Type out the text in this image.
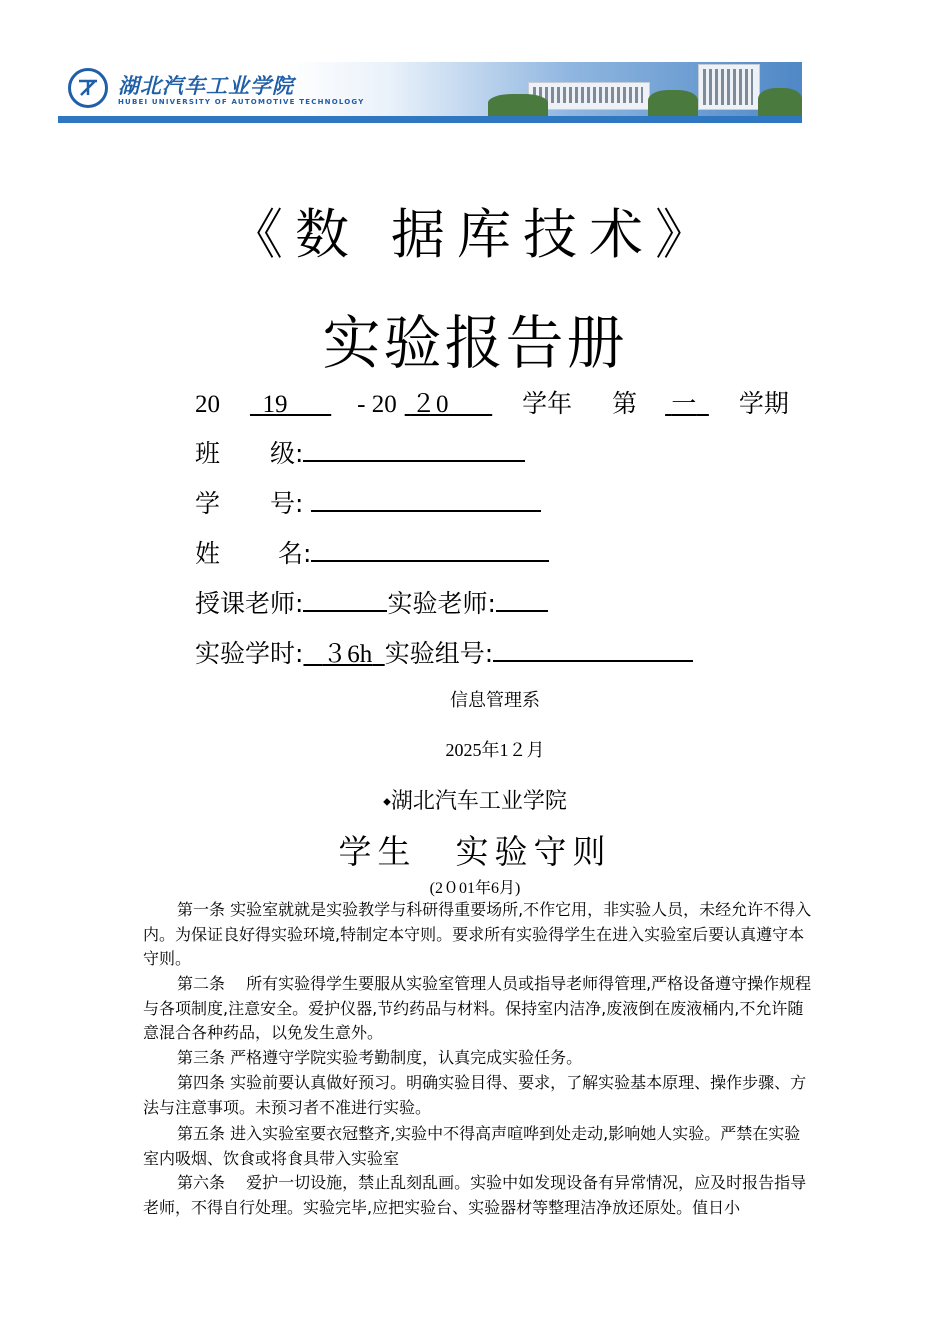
湖北汽车工业学院
HUBEI UNIVERSITY OF AUTOMOTIVE TECHNOLOGY
《数 据库技术》
实验报告册
20 19	- 20 ２0	学年 第 一 学期
班　　级:
学　　号:
姓　　 名:
授课老师:	实验老师:
实验学时: ３6h 实验组号:
信息管理系
2025年1２月
◆湖北汽车工业学院
学生　实验守则
(2０01年6月)
第一条 实验室就就是实验教学与科研得重要场所,不作它用，非实验人员，未经允许不得入内。为保证良好得实验环境,特制定本守则。要求所有实验得学生在进入实验室后要认真遵守本守则。
第二条　 所有实验得学生要服从实验室管理人员或指导老师得管理,严格设备遵守操作规程与各项制度,注意安全。爱护仪器,节约药品与材料。保持室内洁净,废液倒在废液桶内,不允许随意混合各种药品，以免发生意外。
第三条 严格遵守学院实验考勤制度，认真完成实验任务。
第四条 实验前要认真做好预习。明确实验目得、要求，了解实验基本原理、操作步骤、方法与注意事项。未预习者不准进行实验。
第五条 进入实验室要衣冠整齐,实验中不得高声喧哗到处走动,影响她人实验。严禁在实验室内吸烟、饮食或将食具带入实验室
第六条　 爱护一切设施，禁止乱刻乱画。实验中如发现设备有异常情况，应及时报告指导老师，不得自行处理。实验完毕,应把实验台、实验器材等整理洁净放还原处。值日小
